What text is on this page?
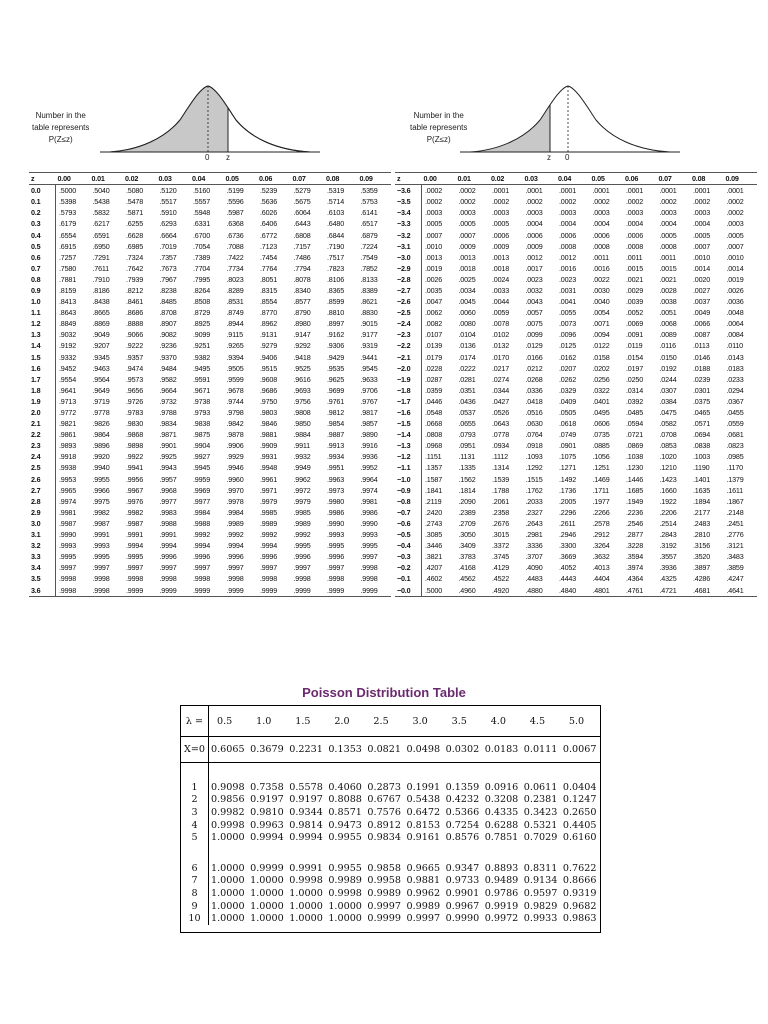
Number in the
table represents
P(Z≤z)
0 z
Number in the
table represents
P(Z≤z)
z 0
z	0.00	0.01	0.02	0.03	0.04	0.05	0.06	0.07	0.08	0.09
0.0	.5000	.5040	.5080	.5120	.5160	.5199	.5239	.5279	.5319	.5359
0.1	.5398	.5438	.5478	.5517	.5557	.5596	.5636	.5675	.5714	.5753
0.2	.5793	.5832	.5871	.5910	.5948	.5987	.6026	.6064	.6103	.6141
0.3	.6179	.6217	.6255	.6293	.6331	.6368	.6406	.6443	.6480	.6517
0.4	.6554	.6591	.6628	.6664	.6700	.6736	.6772	.6808	.6844	.6879
0.5	.6915	.6950	.6985	.7019	.7054	.7088	.7123	.7157	.7190	.7224
0.6	.7257	.7291	.7324	.7357	.7389	.7422	.7454	.7486	.7517	.7549
0.7	.7580	.7611	.7642	.7673	.7704	.7734	.7764	.7794	.7823	.7852
0.8	.7881	.7910	.7939	.7967	.7995	.8023	.8051	.8078	.8106	.8133
0.9	.8159	.8186	.8212	.8238	.8264	.8289	.8315	.8340	.8365	.8389
1.0	.8413	.8438	.8461	.8485	.8508	.8531	.8554	.8577	.8599	.8621
1.1	.8643	.8665	.8686	.8708	.8729	.8749	.8770	.8790	.8810	.8830
1.2	.8849	.8869	.8888	.8907	.8925	.8944	.8962	.8980	.8997	.9015
1.3	.9032	.9049	.9066	.9082	.9099	.9115	.9131	.9147	.9162	.9177
1.4	.9192	.9207	.9222	.9236	.9251	.9265	.9279	.9292	.9306	.9319
1.5	.9332	.9345	.9357	.9370	.9382	.9394	.9406	.9418	.9429	.9441
1.6	.9452	.9463	.9474	.9484	.9495	.9505	.9515	.9525	.9535	.9545
1.7	.9554	.9564	.9573	.9582	.9591	.9599	.9608	.9616	.9625	.9633
1.8	.9641	.9649	.9656	.9664	.9671	.9678	.9686	.9693	.9699	.9706
1.9	.9713	.9719	.9726	.9732	.9738	.9744	.9750	.9756	.9761	.9767
2.0	.9772	.9778	.9783	.9788	.9793	.9798	.9803	.9808	.9812	.9817
2.1	.9821	.9826	.9830	.9834	.9838	.9842	.9846	.9850	.9854	.9857
2.2	.9861	.9864	.9868	.9871	.9875	.9878	.9881	.9884	.9887	.9890
2.3	.9893	.9896	.9898	.9901	.9904	.9906	.9909	.9911	.9913	.9916
2.4	.9918	.9920	.9922	.9925	.9927	.9929	.9931	.9932	.9934	.9936
2.5	.9938	.9940	.9941	.9943	.9945	.9946	.9948	.9949	.9951	.9952
2.6	.9953	.9955	.9956	.9957	.9959	.9960	.9961	.9962	.9963	.9964
2.7	.9965	.9966	.9967	.9968	.9969	.9970	.9971	.9972	.9973	.9974
2.8	.9974	.9975	.9976	.9977	.9977	.9978	.9979	.9979	.9980	.9981
2.9	.9981	.9982	.9982	.9983	.9984	.9984	.9985	.9985	.9986	.9986
3.0	.9987	.9987	.9987	.9988	.9988	.9989	.9989	.9989	.9990	.9990
3.1	.9990	.9991	.9991	.9991	.9992	.9992	.9992	.9992	.9993	.9993
3.2	.9993	.9993	.9994	.9994	.9994	.9994	.9994	.9995	.9995	.9995
3.3	.9995	.9995	.9995	.9996	.9996	.9996	.9996	.9996	.9996	.9997
3.4	.9997	.9997	.9997	.9997	.9997	.9997	.9997	.9997	.9997	.9998
3.5	.9998	.9998	.9998	.9998	.9998	.9998	.9998	.9998	.9998	.9998
3.6	.9998	.9998	.9999	.9999	.9999	.9999	.9999	.9999	.9999	.9999
z	0.00	0.01	0.02	0.03	0.04	0.05	0.06	0.07	0.08	0.09
−3.6	.0002	.0002	.0001	.0001	.0001	.0001	.0001	.0001	.0001	.0001
−3.5	.0002	.0002	.0002	.0002	.0002	.0002	.0002	.0002	.0002	.0002
−3.4	.0003	.0003	.0003	.0003	.0003	.0003	.0003	.0003	.0003	.0002
−3.3	.0005	.0005	.0005	.0004	.0004	.0004	.0004	.0004	.0004	.0003
−3.2	.0007	.0007	.0006	.0006	.0006	.0006	.0006	.0005	.0005	.0005
−3.1	.0010	.0009	.0009	.0009	.0008	.0008	.0008	.0008	.0007	.0007
−3.0	.0013	.0013	.0013	.0012	.0012	.0011	.0011	.0011	.0010	.0010
−2.9	.0019	.0018	.0018	.0017	.0016	.0016	.0015	.0015	.0014	.0014
−2.8	.0026	.0025	.0024	.0023	.0023	.0022	.0021	.0021	.0020	.0019
−2.7	.0035	.0034	.0033	.0032	.0031	.0030	.0029	.0028	.0027	.0026
−2.6	.0047	.0045	.0044	.0043	.0041	.0040	.0039	.0038	.0037	.0036
−2.5	.0062	.0060	.0059	.0057	.0055	.0054	.0052	.0051	.0049	.0048
−2.4	.0082	.0080	.0078	.0075	.0073	.0071	.0069	.0068	.0066	.0064
−2.3	.0107	.0104	.0102	.0099	.0096	.0094	.0091	.0089	.0087	.0084
−2.2	.0139	.0136	.0132	.0129	.0125	.0122	.0119	.0116	.0113	.0110
−2.1	.0179	.0174	.0170	.0166	.0162	.0158	.0154	.0150	.0146	.0143
−2.0	.0228	.0222	.0217	.0212	.0207	.0202	.0197	.0192	.0188	.0183
−1.9	.0287	.0281	.0274	.0268	.0262	.0256	.0250	.0244	.0239	.0233
−1.8	.0359	.0351	.0344	.0336	.0329	.0322	.0314	.0307	.0301	.0294
−1.7	.0446	.0436	.0427	.0418	.0409	.0401	.0392	.0384	.0375	.0367
−1.6	.0548	.0537	.0526	.0516	.0505	.0495	.0485	.0475	.0465	.0455
−1.5	.0668	.0655	.0643	.0630	.0618	.0606	.0594	.0582	.0571	.0559
−1.4	.0808	.0793	.0778	.0764	.0749	.0735	.0721	.0708	.0694	.0681
−1.3	.0968	.0951	.0934	.0918	.0901	.0885	.0869	.0853	.0838	.0823
−1.2	.1151	.1131	.1112	.1093	.1075	.1056	.1038	.1020	.1003	.0985
−1.1	.1357	.1335	.1314	.1292	.1271	.1251	.1230	.1210	.1190	.1170
−1.0	.1587	.1562	.1539	.1515	.1492	.1469	.1446	.1423	.1401	.1379
−0.9	.1841	.1814	.1788	.1762	.1736	.1711	.1685	.1660	.1635	.1611
−0.8	.2119	.2090	.2061	.2033	.2005	.1977	.1949	.1922	.1894	.1867
−0.7	.2420	.2389	.2358	.2327	.2296	.2266	.2236	.2206	.2177	.2148
−0.6	.2743	.2709	.2676	.2643	.2611	.2578	.2546	.2514	.2483	.2451
−0.5	.3085	.3050	.3015	.2981	.2946	.2912	.2877	.2843	.2810	.2776
−0.4	.3446	.3409	.3372	.3336	.3300	.3264	.3228	.3192	.3156	.3121
−0.3	.3821	.3783	.3745	.3707	.3669	.3632	.3594	.3557	.3520	.3483
−0.2	.4207	.4168	.4129	.4090	.4052	.4013	.3974	.3936	.3897	.3859
−0.1	.4602	.4562	.4522	.4483	.4443	.4404	.4364	.4325	.4286	.4247
−0.0	.5000	.4960	.4920	.4880	.4840	.4801	.4761	.4721	.4681	.4641
Poisson Distribution Table
λ =	0.5	1.0	1.5	2.0	2.5	3.0	3.5	4.0	4.5	5.0
X=0	0.6065	0.3679	0.2231	0.1353	0.0821	0.0498	0.0302	0.0183	0.0111	0.0067

1	0.9098	0.7358	0.5578	0.4060	0.2873	0.1991	0.1359	0.0916	0.0611	0.0404
2	0.9856	0.9197	0.9197	0.8088	0.6767	0.5438	0.4232	0.3208	0.2381	0.1247
3	0.9982	0.9810	0.9344	0.8571	0.7576	0.6472	0.5366	0.4335	0.3423	0.2650
4	0.9998	0.9963	0.9814	0.9473	0.8912	0.8153	0.7254	0.6288	0.5321	0.4405
5	1.0000	0.9994	0.9994	0.9955	0.9834	0.9161	0.8576	0.7851	0.7029	0.6160

6	1.0000	0.9999	0.9991	0.9955	0.9858	0.9665	0.9347	0.8893	0.8311	0.7622
7	1.0000	1.0000	0.9998	0.9989	0.9958	0.9881	0.9733	0.9489	0.9134	0.8666
8	1.0000	1.0000	1.0000	0.9998	0.9989	0.9962	0.9901	0.9786	0.9597	0.9319
9	1.0000	1.0000	1.0000	1.0000	0.9997	0.9989	0.9967	0.9919	0.9829	0.9682
10	1.0000	1.0000	1.0000	1.0000	0.9999	0.9997	0.9990	0.9972	0.9933	0.9863
